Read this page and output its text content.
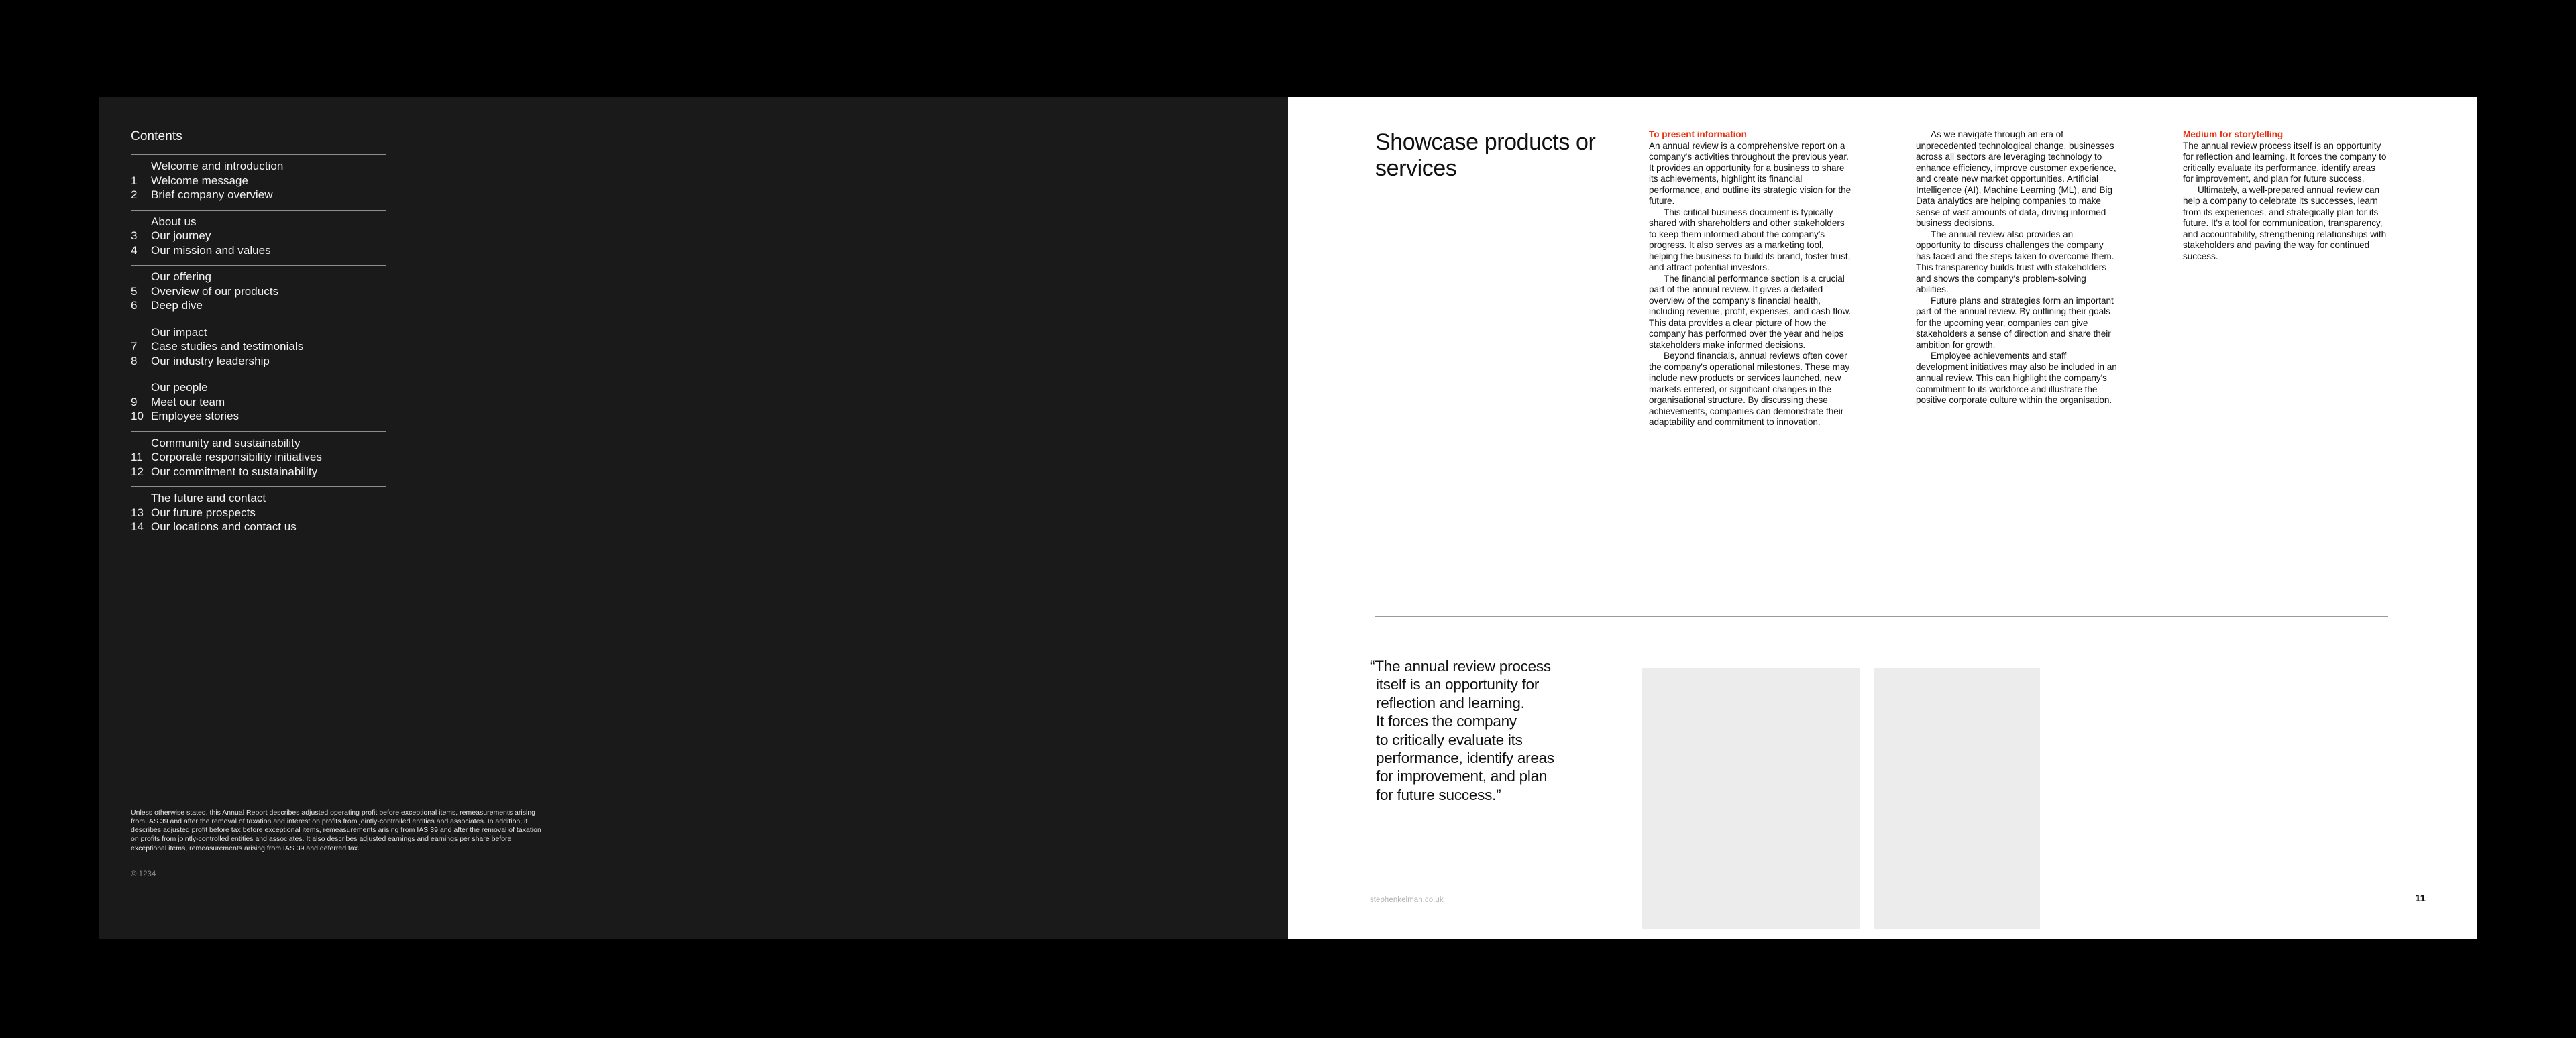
Contents
Welcome and introduction
1	Welcome message
2	Brief company overview
About us
3	Our journey
4	Our mission and values
Our offering
5	Overview of our products
6	Deep dive
Our impact
7	Case studies and testimonials
8	Our industry leadership
Our people
9	Meet our team
10 Employee stories
Community and sustainability
11 Corporate responsibility initiatives
12 Our commitment to sustainability
The future and contact
13 Our future prospects
14 Our locations and contact us

Unless otherwise stated, this Annual Report describes adjusted operating profit before exceptional items, remeasurements arising from IAS 39 and after the removal of taxation and interest on profits from jointly-controlled entities and associates. In addition, it describes adjusted profit before tax before exceptional items, remeasurements arising from IAS 39 and after the removal of taxation on profits from jointly-controlled entities and associates. It also describes adjusted earnings and earnings per share before exceptional items, remeasurements arising from IAS 39 and deferred tax.

© 1234
Showcase products or services

To present information
An annual review is a comprehensive report on a company's activities throughout the previous year. It provides an opportunity for a business to share its achievements, highlight its financial performance, and outline its strategic vision for the future.

This critical business document is typically shared with shareholders and other stakeholders to keep them informed about the company's progress. It also serves as a marketing tool, helping the business to build its brand, foster trust, and attract potential investors.

The financial performance section is a crucial part of the annual review. It gives a detailed overview of the company's financial health, including revenue, profit, expenses, and cash flow. This data provides a clear picture of how the company has performed over the year and helps stakeholders make informed decisions.

Beyond financials, annual reviews often cover the company's operational milestones. These may include new products or services launched, new markets entered, or significant changes in the organisational structure. By discussing these achievements, companies can demonstrate their adaptability and commitment to innovation.

As we navigate through an era of unprecedented technological change, businesses across all sectors are leveraging technology to enhance efficiency, improve customer experience, and create new market opportunities. Artificial Intelligence (AI), Machine Learning (ML), and Big Data analytics are helping companies to make sense of vast amounts of data, driving informed business decisions.

The annual review also provides an opportunity to discuss challenges the company has faced and the steps taken to overcome them. This transparency builds trust with stakeholders and shows the company's problem-solving abilities.

Future plans and strategies form an important part of the annual review. By outlining their goals for the upcoming year, companies can give stakeholders a sense of direction and share their ambition for growth.

Employee achievements and staff development initiatives may also be included in an annual review. This can highlight the company's commitment to its workforce and illustrate the positive corporate culture within the organisation.

Medium for storytelling
The annual review process itself is an opportunity for reflection and learning. It forces the company to critically evaluate its performance, identify areas for improvement, and plan for future success.

Ultimately, a well-prepared annual review can help a company to celebrate its successes, learn from its experiences, and strategically plan for its future. It's a tool for communication, transparency, and accountability, strengthening relationships with stakeholders and paving the way for continued success.

“The annual review process
itself is an opportunity for
reflection and learning.
It forces the company
to critically evaluate its
performance, identify areas
for improvement, and plan
for future success.”
stephenkelman.co.uk	11
